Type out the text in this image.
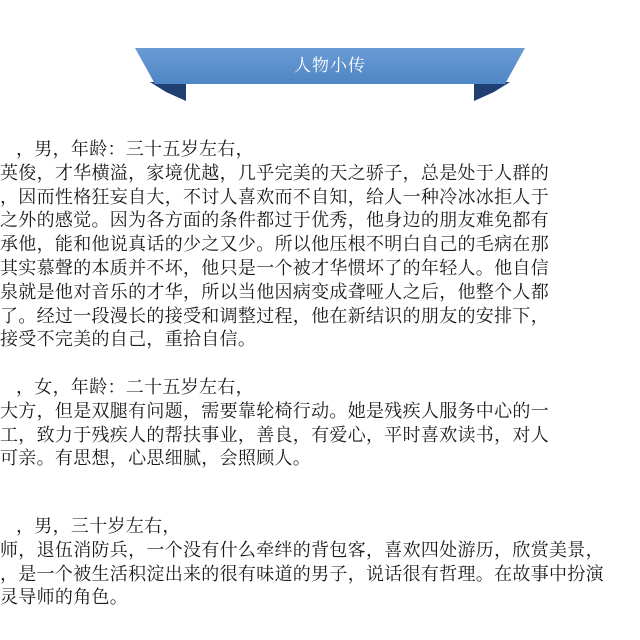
人物小传
，男，年龄：三十五岁左右，
英俊，才华横溢，家境优越，几乎完美的天之骄子，总是处于人群的
，因而性格狂妄自大，不讨人喜欢而不自知，给人一种冷冰冰拒人于
之外的感觉。因为各方面的条件都过于优秀，他身边的朋友难免都有
承他，能和他说真话的少之又少。所以他压根不明白自己的毛病在那
其实慕聲的本质并不坏，他只是一个被才华惯坏了的年轻人。他自信
泉就是他对音乐的才华，所以当他因病变成聋哑人之后，他整个人都
了。经过一段漫长的接受和调整过程，他在新结识的朋友的安排下，
接受不完美的自己，重拾自信。
，女，年龄：二十五岁左右，
大方，但是双腿有问题，需要靠轮椅行动。她是残疾人服务中心的一
工，致力于残疾人的帮扶事业，善良，有爱心，平时喜欢读书，对人
可亲。有思想，心思细腻，会照顾人。
，男，三十岁左右，
师，退伍消防兵，一个没有什么牵绊的背包客，喜欢四处游历，欣赏美景，
，是一个被生活积淀出来的很有味道的男子，说话很有哲理。在故事中扮演
灵导师的角色。
